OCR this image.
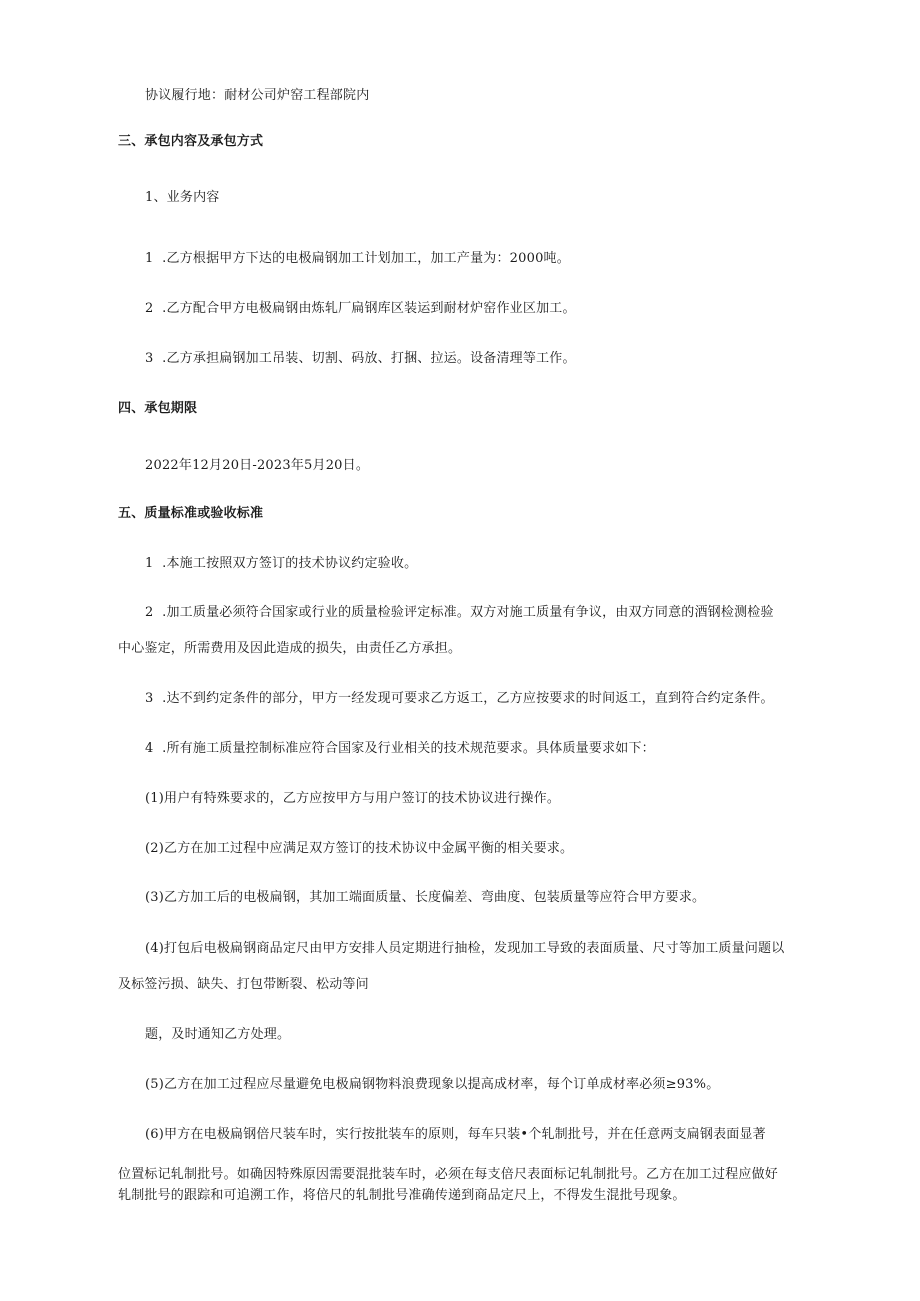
协议履行地：耐材公司炉窑工程部院内
三、承包内容及承包方式
1、业务内容
1  .乙方根据甲方下达的电极扁钢加工计划加工，加工产量为：2000吨。
2  .乙方配合甲方电极扁钢由炼轧厂扁钢库区装运到耐材炉窑作业区加工。
3  .乙方承担扁钢加工吊装、切割、码放、打捆、拉运。设备清理等工作。
四、承包期限
2022年12月20日-2023年5月20日。
五、质量标准或验收标准
1  .本施工按照双方签订的技术协议约定验收。
2  .加工质量必须符合国家或行业的质量检验评定标准。双方对施工质量有争议，由双方同意的酒钢检测检验
中心鉴定，所需费用及因此造成的损失，由责任乙方承担。
3  .达不到约定条件的部分，甲方一经发现可要求乙方返工，乙方应按要求的时间返工，直到符合约定条件。
4  .所有施工质量控制标准应符合国家及行业相关的技术规范要求。具体质量要求如下：
(1)用户有特殊要求的，乙方应按甲方与用户签订的技术协议进行操作。
(2)乙方在加工过程中应满足双方签订的技术协议中金属平衡的相关要求。
(3)乙方加工后的电极扁钢，其加工端面质量、长度偏差、弯曲度、包装质量等应符合甲方要求。
(4)打包后电极扁钢商品定尺由甲方安排人员定期进行抽检，发现加工导致的表面质量、尺寸等加工质量问题以
及标签污损、缺失、打包带断裂、松动等问
题，及时通知乙方处理。
(5)乙方在加工过程应尽量避免电极扁钢物料浪费现象以提高成材率，每个订单成材率必须≥93%。
(6)甲方在电极扁钢倍尺装车时，实行按批装车的原则，每车只装•个轧制批号，并在任意两支扁钢表面显著
位置标记轧制批号。如确因特殊原因需要混批装车时，必须在每支倍尺表面标记轧制批号。乙方在加工过程应做好
轧制批号的跟踪和可追溯工作，将倍尺的轧制批号准确传递到商品定尺上，不得发生混批号现象。
